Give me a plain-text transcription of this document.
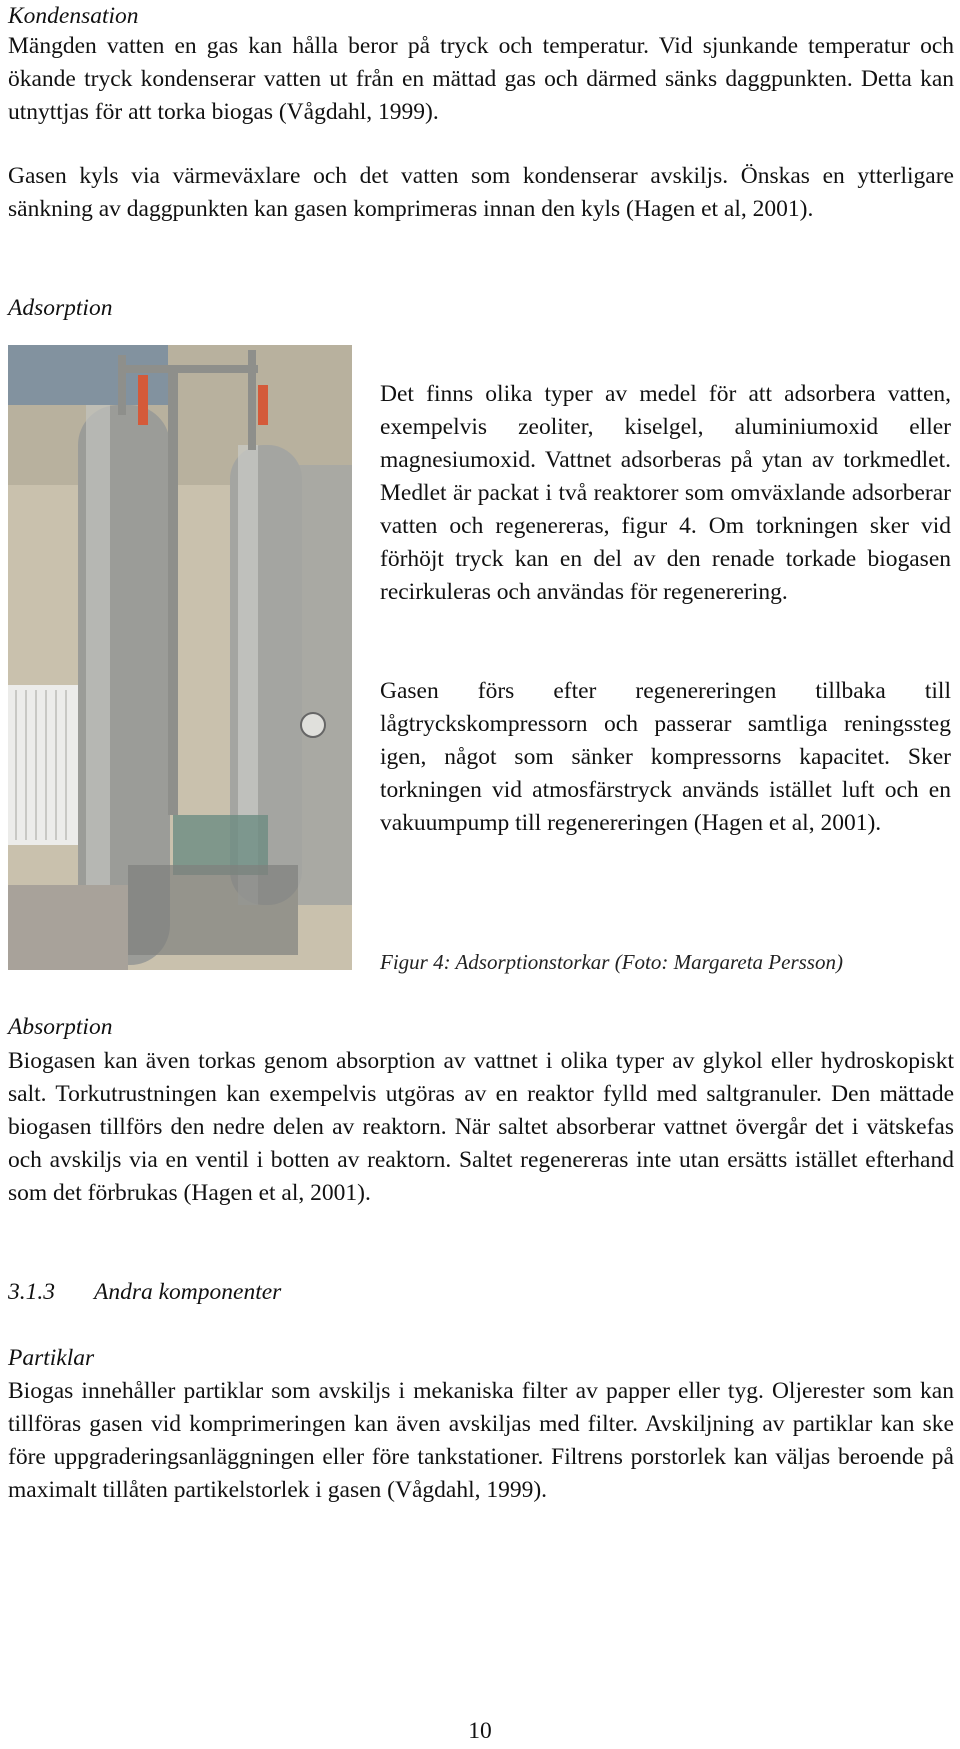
Kondensation

Mängden vatten en gas kan hålla beror på tryck och temperatur. Vid sjunkande temperatur och ökande tryck kondenserar vatten ut från en mättad gas och därmed sänks daggpunkten. Detta kan utnyttjas för att torka biogas (Vågdahl, 1999).

Gasen kyls via värmeväxlare och det vatten som kondenserar avskiljs. Önskas en ytterligare sänkning av daggpunkten kan gasen komprimeras innan den kyls (Hagen et al, 2001).

Adsorption

Det finns olika typer av medel för att adsorbera vatten, exempelvis zeoliter, kiselgel, aluminiumoxid eller magnesiumoxid. Vattnet adsorberas på ytan av torkmedlet. Medlet är packat i två reaktorer som omväxlande adsorberar vatten och regenereras, figur 4. Om torkningen sker vid förhöjt tryck kan en del av den renade torkade biogasen recirkuleras och användas för regenerering.

Gasen förs efter regenereringen tillbaka till lågtryckskompressorn och passerar samtliga reningssteg igen, något som sänker kompressorns kapacitet. Sker torkningen vid atmosfärstryck används istället luft och en vakuumpump till regenereringen (Hagen et al, 2001).

Figur 4: Adsorptionstorkar (Foto: Margareta Persson)
Absorption

Biogasen kan även torkas genom absorption av vattnet i olika typer av glykol eller hydroskopiskt salt. Torkutrustningen kan exempelvis utgöras av en reaktor fylld med saltgranuler. Den mättade biogasen tillförs den nedre delen av reaktorn. När saltet absorberar vattnet övergår det i vätskefas och avskiljs via en ventil i botten av reaktorn. Saltet regenereras inte utan ersätts istället efterhand som det förbrukas (Hagen et al, 2001).

3.1.3 Andra komponenter
Partiklar

Biogas innehåller partiklar som avskiljs i mekaniska filter av papper eller tyg. Oljerester som kan tillföras gasen vid komprimeringen kan även avskiljas med filter. Avskiljning av partiklar kan ske före uppgraderingsanläggningen eller före tankstationer. Filtrens porstorlek kan väljas beroende på maximalt tillåten partikelstorlek i gasen (Vågdahl, 1999).

10
